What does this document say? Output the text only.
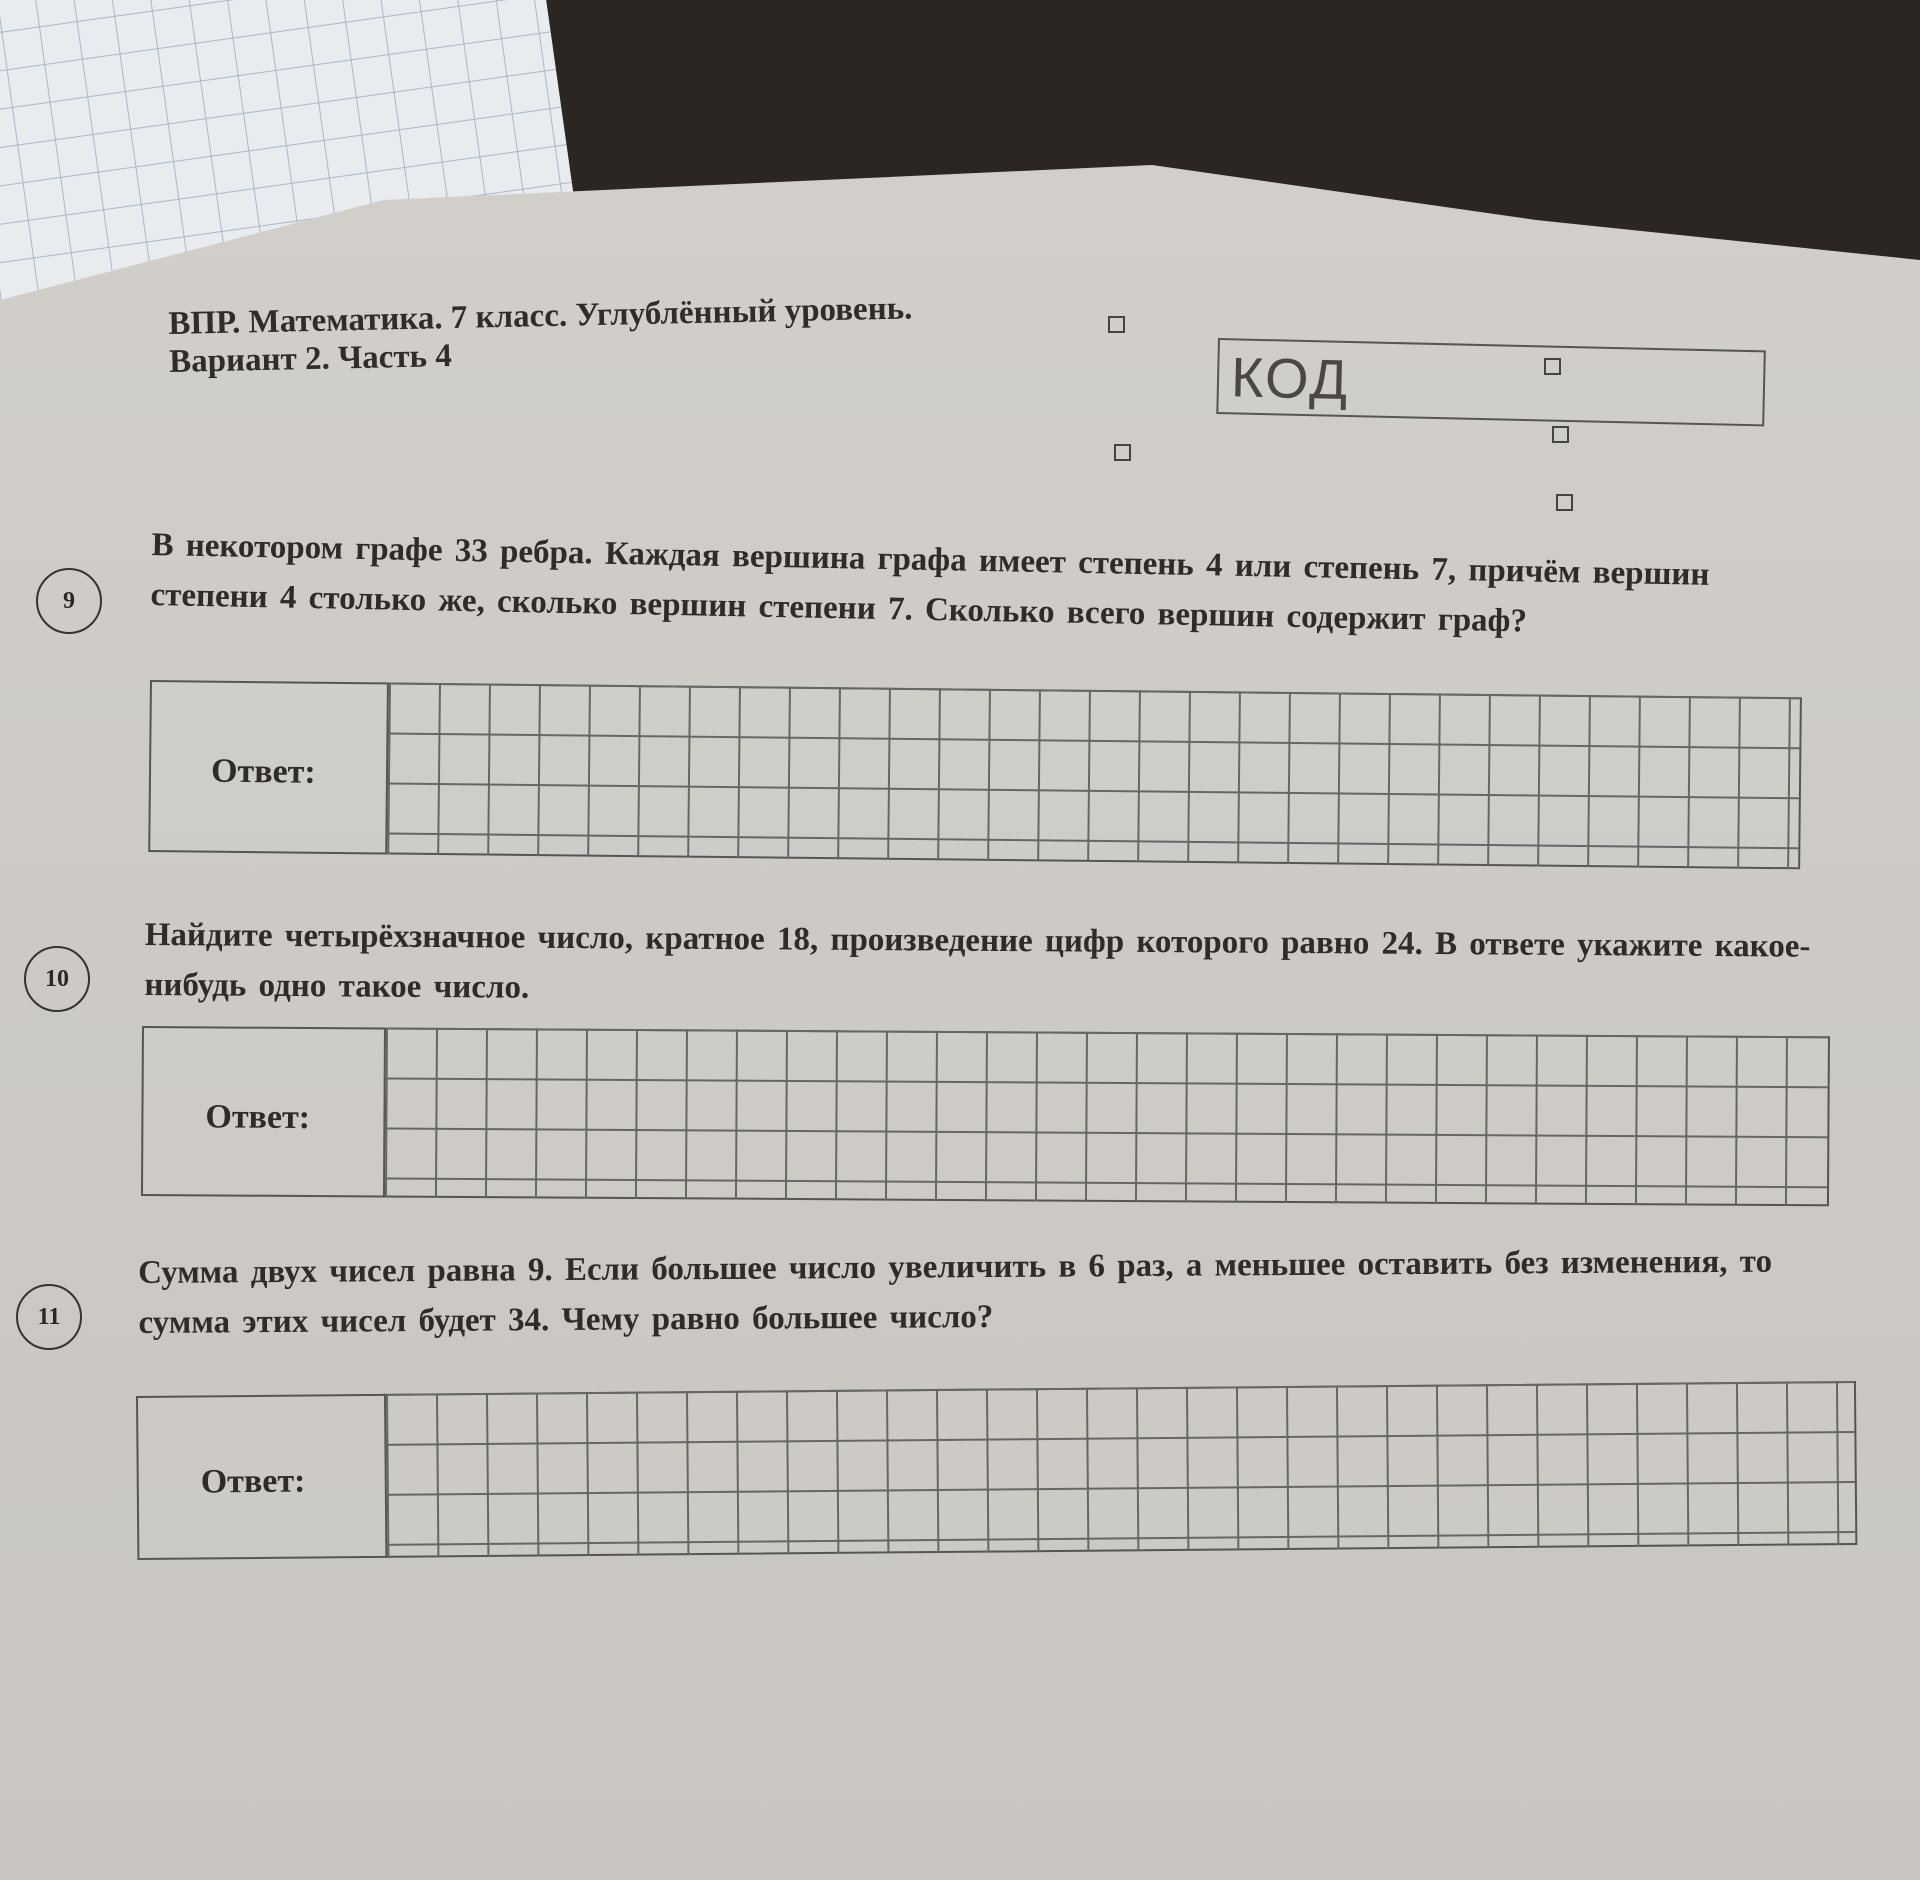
ВПР. Математика. 7 класс. Углублённый уровень.
Вариант 2. Часть 4	КОД
9
В некотором графе 33 ребра. Каждая вершина графа имеет степень 4 или степень 7, причём вершин степени 4 столько же, сколько вершин степени 7. Сколько всего вершин содержит граф?
Ответ:
10
Найдите четырёхзначное число, кратное 18, произведение цифр которого равно 24. В ответе укажите какое-нибудь одно такое число.
Ответ:
11
Сумма двух чисел равна 9. Если большее число увеличить в 6 раз, а меньшее оставить без изменения, то сумма этих чисел будет 34. Чему равно большее число?
Ответ:
